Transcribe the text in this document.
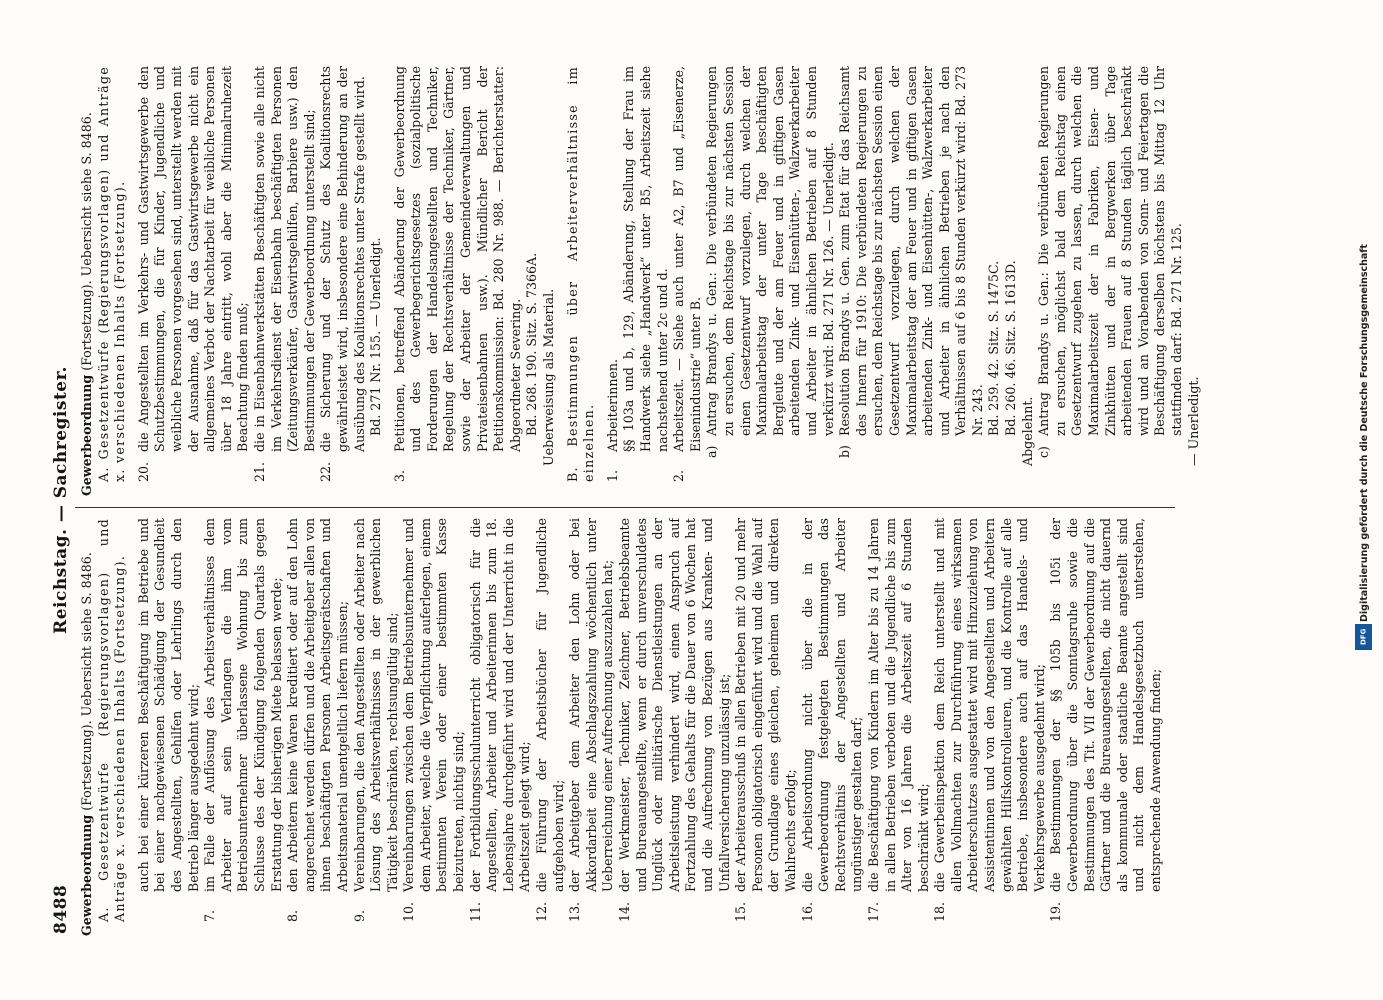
8488
Reichstag. — Sachregister.

Gewerbeordnung (Fortsetzung). Uebersicht siehe S. 8486. A. Gesetzentwürfe (Regierungsvorlagen) und Anträge x. verschiedenen Inhalts (Fortsetzung). auch bei einer kürzeren Beschäftigung im Betriebe und bei einer nachgewiesenen Schädigung der Gesundheit des Angestellten, Gehilfen oder Lehrlings durch den Betrieb länger ausgedehnt wird;

7.im Falle der Auflösung des Arbeitsverhältnisses dem Arbeiter auf sein Verlangen die ihm vom Betriebsunternehmer überlassene Wohnung bis zum Schlusse des der Kündigung folgenden Quartals gegen Erstattung der bisherigen Miete belassen werde;

8.den Arbeitern keine Waren kreditiert oder auf den Lohn angerechnet werden dürfen und die Arbeitgeber allen von ihnen beschäftigten Personen Arbeitsgerätschaften und Arbeitsmaterial unentgeltlich liefern müssen;

9.Vereinbarungen, die den Angestellten oder Arbeiter nach Lösung des Arbeitsverhältnisses in der gewerblichen Tätigkeit beschränken, rechtsungültig sind;

10.Vereinbarungen zwischen dem Betriebsunternehmer und dem Arbeiter, welche die Verpflichtung auferlegen, einem bestimmten Verein oder einer bestimmten Kasse beizutreten, nichtig sind;

11.der Fortbildungsschulunterricht obligatorisch für die Angestellten, Arbeiter und Arbeiterinnen bis zum 18. Lebensjahre durchgeführt wird und der Unterricht in die Arbeitszeit gelegt wird;

12.die Führung der Arbeitsbücher für Jugendliche aufgehoben wird;

13.der Arbeitgeber dem Arbeiter den Lohn oder bei Akkordarbeit eine Abschlagszahlung wöchentlich unter Ueberreichung einer Aufrechnung auszuzahlen hat;

14.der Werkmeister, Techniker, Zeichner, Betriebsbeamte und Bureauangestellte, wenn er durch unverschuldetes Unglück oder militärische Dienstleistungen an der Arbeitsleistung verhindert wird, einen Anspruch auf Fortzahlung des Gehalts für die Dauer von 6 Wochen hat und die Aufrechnung von Bezügen aus Kranken- und Unfallversicherung unzulässig ist;

15.der Arbeiterausschuß in allen Betrieben mit 20 und mehr Personen obligatorisch eingeführt wird und die Wahl auf der Grundlage eines gleichen, geheimen und direkten Wahlrechts erfolgt;

16.die Arbeitsordnung nicht über die in der Gewerbeordnung festgelegten Bestimmungen das Rechtsverhältnis der Angestellten und Arbeiter ungünstiger gestalten darf;

17.die Beschäftigung von Kindern im Alter bis zu 14 Jahren in allen Betrieben verboten und die Jugendliche bis zum Alter von 16 Jahren die Arbeitszeit auf 6 Stunden beschränkt wird;

18.die Gewerbeinspektion dem Reich unterstellt und mit allen Vollmachten zur Durchführung eines wirksamen Arbeiterschutzes ausgestattet wird mit Hinzuziehung von Assistentinnen und von den Angestellten und Arbeitern gewählten Hilfskontrolleuren, und die Kontrolle auf alle Betriebe, insbesondere auch auf das Handels- und Verkehrsgewerbe ausgedehnt wird;

19.die Bestimmungen der §§ 105b bis 105i der Gewerbeordnung über die Sonntagsruhe sowie die Bestimmungen des Tit. VII der Gewerbeordnung auf die Gärtner und die Bureauangestellten, die nicht dauernd als kommunale oder staatliche Beamte angestellt sind und nicht dem Handelsgesetzbuch unterstehen, entsprechende Anwendung finden;

Gewerbeordnung (Fortsetzung). Uebersicht siehe S. 8486. A. Gesetzentwürfe (Regierungsvorlagen) und Anträge x. verschiedenen Inhalts (Fortsetzung). 20.die Angestellten im Verkehrs- und Gastwirtsgewerbe den Schutzbestimmungen, die für Kinder, Jugendliche und weibliche Personen vorgesehen sind, unterstellt werden mit der Ausnahme, daß für das Gastwirtsgewerbe nicht ein allgemeines Verbot der Nachtarbeit für weibliche Personen über 18 Jahre eintritt, wohl aber die Minimalruhezeit Beachtung finden muß;

21.die in Eisenbahnwerkstätten Beschäftigten sowie alle nicht im Verkehrsdienst der Eisenbahn beschäftigten Personen (Zeitungsverkäufer, Gastwirtsgehilfen, Barbiere usw.) den Bestimmungen der Gewerbeordnung unterstellt sind;

22.die Sicherung und der Schutz des Koalitionsrechts gewährleistet wird, insbesondere eine Behinderung an der Ausübung des Koalitionsrechtes unter Strafe gestellt wird. Bd. 271 Nr. 155. — Unerledigt.

3.Petitionen, betreffend Abänderung der Gewerbeordnung und des Gewerbegerichtsgesetzes (sozialpolitische Forderungen der Handelsangestellten und Techniker, Regelung der Rechtsverhältnisse der Techniker, Gärtner, sowie der Arbeiter der Gemeindeverwaltungen und Privateisenbahnen usw.). Mündlicher Bericht der Petitionskommission: Bd. 280 Nr. 988. — Berichterstatter: Abgeordneter Severing. Bd. 268. 190. Sitz. S. 7366A. Ueberweisung als Material. B. Bestimmungen über Arbeiterverhältnisse im einzelnen. 1.Arbeiterinnen. §§ 103a und b, 129, Abänderung, Stellung der Frau im Handwerk siehe „Handwerk“ unter B5, Arbeitszeit siehe nachstehend unter 2c und d.

2.Arbeitszeit. — Siehe auch unter A2, B7 und „Eisenerze, Eisenindustrie“ unter B. a)Antrag Brandys u. Gen.: Die verbündeten Regierungen zu ersuchen, dem Reichstage bis zur nächsten Session einen Gesetzentwurf vorzulegen, durch welchen der Maximalarbeitstag der unter Tage beschäftigten Bergleute und der am Feuer und in giftigen Gasen arbeitenden Zink- und Eisenhütten-, Walzwerkarbeiter und Arbeiter in ähnlichen Betrieben auf 8 Stunden verkürzt wird: Bd. 271 Nr. 126. — Unerledigt.

b)Resolution Brandys u. Gen. zum Etat für das Reichsamt des Innern für 1910: Die verbündeten Regierungen zu ersuchen, dem Reichstage bis zur nächsten Session einen Gesetzentwurf vorzulegen, durch welchen der Maximalarbeitstag der am Feuer und in giftigen Gasen arbeitenden Zink- und Eisenhütten-, Walzwerkarbeiter und Arbeiter in ähnlichen Betrieben je nach den Verhältnissen auf 6 bis 8 Stunden verkürzt wird: Bd. 273 Nr. 243. Bd. 259. 42. Sitz. S. 1475C. Bd. 260. 46. Sitz. S. 1613D. Abgelehnt. c)Antrag Brandys u. Gen.: Die verbündeten Regierungen zu ersuchen, möglichst bald dem Reichstag einen Gesetzentwurf zugehen zu lassen, durch welchen die Maximalarbeitszeit der in Fabriken, Eisen- und Zinkhütten und der in Bergwerken über Tage arbeitenden Frauen auf 8 Stunden täglich beschränkt wird und an Vorabenden von Sonn- und Feiertagen die Beschäftigung derselben höchstens bis Mittag 12 Uhr stattfinden darf: Bd. 271 Nr. 125. — Unerledigt.	Digitalisierung gefördert durch die Deutsche Forschungsgemeinschaft
DFG
